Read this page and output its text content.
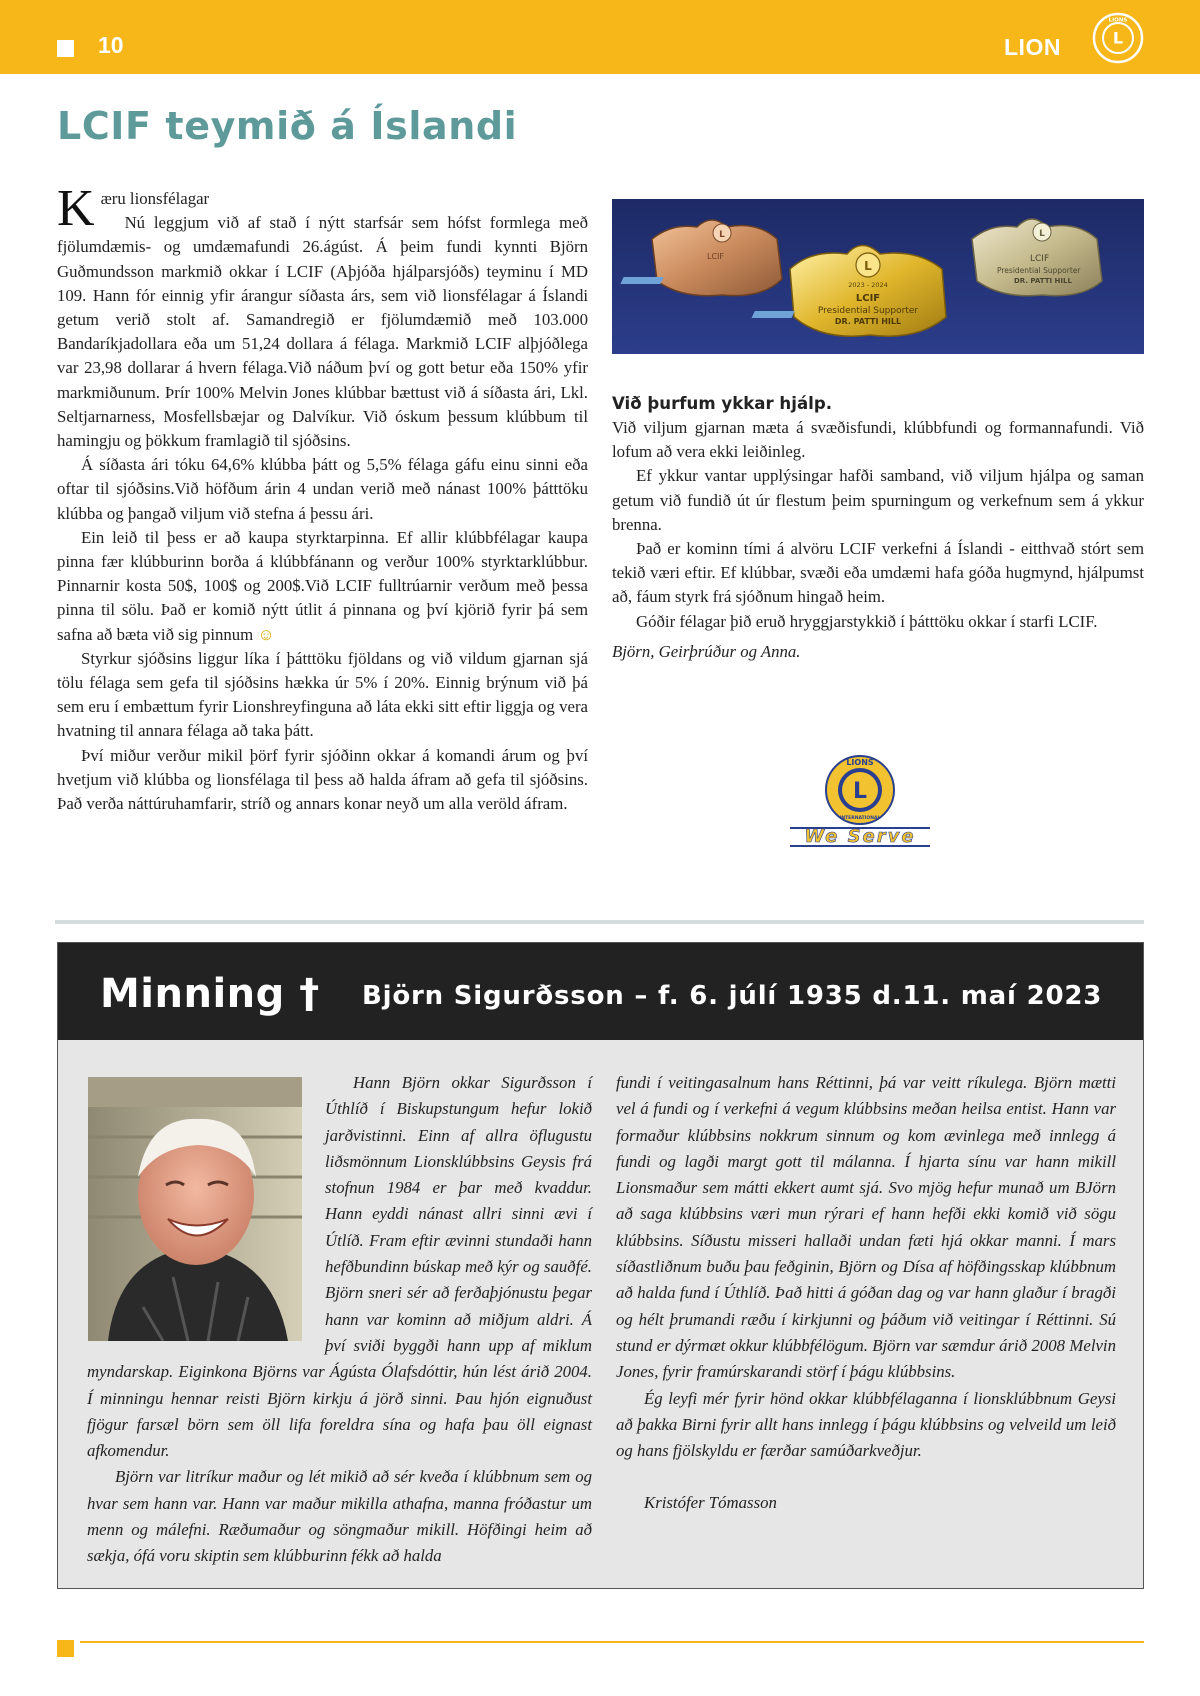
10	LION	L
LIONS
LCIF teymið á Íslandi

Kæru lionsfélagar

Nú leggjum við af stað í nýtt starfsár sem hófst formlega með fjölumdæmis- og umdæmafundi 26.ágúst. Á þeim fundi kynnti Björn Guðmundsson markmið okkar í LCIF (Aþjóða hjálparsjóðs) teyminu í MD 109. Hann fór einnig yfir árangur síðasta árs, sem við lionsfélagar á Íslandi getum verið stolt af. Samandregið er fjölumdæmið með 103.000 Bandaríkjadollara eða um 51,24 dollara á félaga. Markmið LCIF alþjóðlega var 23,98 dollarar á hvern félaga.Við náðum því og gott betur eða 150% yfir markmiðunum. Þrír 100% Melvin Jones klúbbar bættust við á síðasta ári, Lkl. Seltjarnarness, Mosfellsbæjar og Dalvíkur. Við óskum þessum klúbbum til hamingju og þökkum framlagið til sjóðsins.

Á síðasta ári tóku 64,6% klúbba þátt og 5,5% félaga gáfu einu sinni eða oftar til sjóðsins.Við höfðum árin 4 undan verið með nánast 100% þátttöku klúbba og þangað viljum við stefna á þessu ári.

Ein leið til þess er að kaupa styrktarpinna. Ef allir klúbbfélagar kaupa pinna fær klúbburinn borða á klúbbfánann og verður 100% styrktarklúbbur. Pinnarnir kosta 50$, 100$ og 200$.Við LCIF fulltrúarnir verðum með þessa pinna til sölu. Það er komið nýtt útlit á pinnana og því kjörið fyrir þá sem safna að bæta við sig pinnum ☺

Styrkur sjóðsins liggur líka í þátttöku fjöldans og við vildum gjarnan sjá tölu félaga sem gefa til sjóðsins hækka úr 5% í 20%. Einnig brýnum við þá sem eru í embættum fyrir Lionshreyfinguna að láta ekki sitt eftir liggja og vera hvatning til annara félaga að taka þátt.

Því miður verður mikil þörf fyrir sjóðinn okkar á komandi árum og því hvetjum við klúbba og lionsfélaga til þess að halda áfram að gefa til sjóðsins. Það verða náttúruhamfarir, stríð og annars konar neyð um alla veröld áfram.

L
LCIF
L
LCIF
Presidential Supporter
DR. PATTI HILL
L
2023 - 2024
LCIF
Presidential Supporter
DR. PATTI HILL
Við þurfum ykkar hjálp.

Við viljum gjarnan mæta á svæðisfundi, klúbbfundi og formannafundi. Við lofum að vera ekki leiðinleg.

Ef ykkur vantar upplýsingar hafði samband, við viljum hjálpa og saman getum við fundið út úr flestum þeim spurningum og verkefnum sem á ykkur brenna.

Það er kominn tími á alvöru LCIF verkefni á Íslandi - eitthvað stórt sem tekið væri eftir. Ef klúbbar, svæði eða umdæmi hafa góða hugmynd, hjálpumst að, fáum styrk frá sjóðnum hingað heim.

Góðir félagar þið eruð hryggjarstykkið í þátttöku okkar í starfi LCIF.

Björn, Geirþrúður og Anna.

L
LIONS
INTERNATIONAL
We Serve
Minning † Björn Sigurðsson – f. 6. júlí 1935 d.11. maí 2023

Hann Björn okkar Sigurðsson í Úthlíð í Biskupstungum hefur lokið jarðvistinni. Einn af allra öflugustu liðsmönnum Lionsklúbbsins Geysis frá stofnun 1984 er þar með kvaddur. Hann eyddi nánast allri sinni ævi í Útlíð. Fram eftir ævinni stundaði hann hefðbundinn búskap með kýr og sauðfé. Björn sneri sér að ferðaþjónustu þegar hann var kominn að miðjum aldri. Á því sviði byggði hann upp af miklum myndarskap. Eiginkona Björns var Ágústa Ólafsdóttir, hún lést árið 2004. Í minningu hennar reisti Björn kirkju á jörð sinni. Þau hjón eignuðust fjögur farsæl börn sem öll lifa foreldra sína og hafa þau öll eignast afkomendur.

Björn var litríkur maður og lét mikið að sér kveða í klúbbnum sem og hvar sem hann var. Hann var maður mikilla athafna, manna fróðastur um menn og málefni. Ræðumaður og söngmaður mikill. Höfðingi heim að sækja, ófá voru skiptin sem klúbburinn fékk að halda

fundi í veitingasalnum hans Réttinni, þá var veitt ríkulega. Björn mætti vel á fundi og í verkefni á vegum klúbbsins meðan heilsa entist. Hann var formaður klúbbsins nokkrum sinnum og kom ævinlega með innlegg á fundi og lagði margt gott til málanna. Í hjarta sínu var hann mikill Lionsmaður sem mátti ekkert aumt sjá. Svo mjög hefur munað um BJörn að saga klúbbsins væri mun rýrari ef hann hefði ekki komið við sögu klúbbsins. Síðustu misseri hallaði undan fæti hjá okkar manni. Í mars síðastliðnum buðu þau feðginin, Björn og Dísa af höfðingsskap klúbbnum að halda fund í Úthlíð. Það hitti á góðan dag og var hann glaður í bragði og hélt þrumandi ræðu í kirkjunni og þáðum við veitingar í Réttinni. Sú stund er dýrmæt okkur klúbbfélögum. Björn var sæmdur árið 2008 Melvin Jones, fyrir framúrskarandi störf í þágu klúbbsins.

Ég leyfi mér fyrir hönd okkar klúbbfélaganna í lionsklúbbnum Geysi að þakka Birni fyrir allt hans innlegg í þágu klúbbsins og velveild um leið og hans fjölskyldu er færðar samúðarkveðjur.

Kristófer Tómasson
